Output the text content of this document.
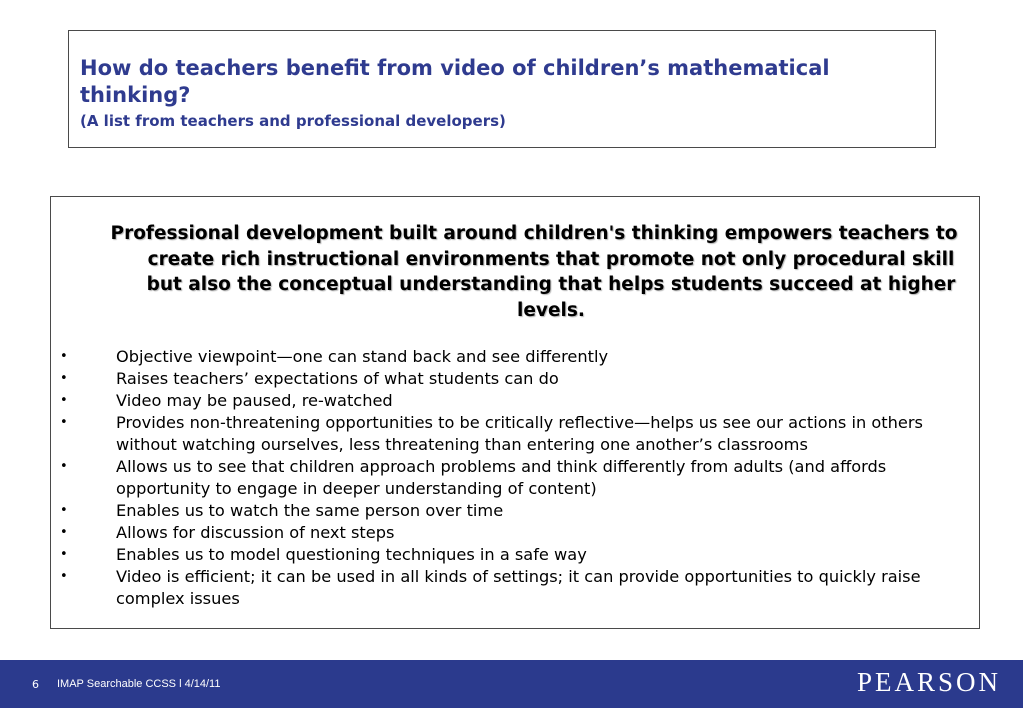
How do teachers benefit from video of children’s mathematical thinking?

(A list from teachers and professional developers)

Professional development built around children's thinking empowers teachers to create rich instructional environments that promote not only procedural skill but also the conceptual understanding that helps students succeed at higher levels.
•	Objective viewpoint—one can stand back and see differently
•	Raises teachers’ expectations of what students can do
•	Video may be paused, re-watched
•	Provides non-threatening opportunities to be critically reflective—helps us see our actions in others without watching ourselves, less threatening than entering one another’s classrooms
•	Allows us to see that children approach problems and think differently from adults (and affords opportunity to engage in deeper understanding of content)
•	Enables us to watch the same person over time
•	Allows for discussion of next steps
•	Enables us to model questioning techniques in a safe way
•	Video is efficient; it can be used in all kinds of settings; it can provide opportunities to quickly raise complex issues
6 IMAP Searchable CCSS l 4/14/11	PEARSON
